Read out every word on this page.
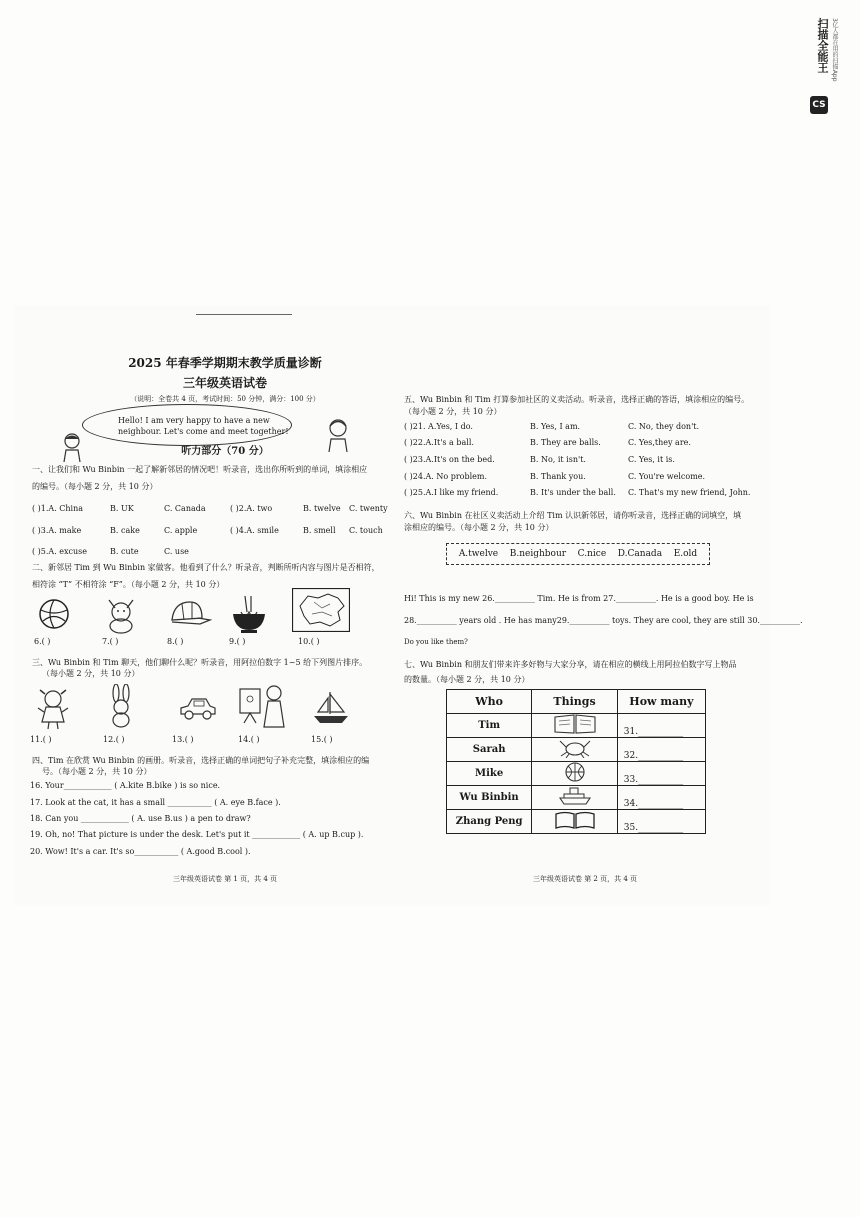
CS
扫描全能王 3亿人都在用的扫描App
2025 年春季学期期末教学质量诊断
三年级英语试卷
（说明：全卷共 4 页，考试时间：50 分钟，满分：100 分）
Hello! I am very happy to have a new
neighbour. Let's come and meet together!
听力部分（70 分）
一、让我们和 Wu Binbin 一起了解新邻居的情况吧！听录音，选出你所听到的单词，填涂相应
的编号。（每小题 2 分，共 10 分）
( )1.A. China	B. UK	C. Canada	( )2.A. two	B. twelve C. twenty
( )3.A. make	B. cake	C. apple	( )4.A. smile	B. smell C. touch
( )5.A. excuse	B. cute	C. use
二、新邻居 Tim 到 Wu Binbin 家做客。他看到了什么？听录音，判断所听内容与图片是否相符，
相符涂 “T” 不相符涂 “F”。（每小题 2 分，共 10 分）
6.( )	7.( )	8.( )	9.( )	10.( )
三、Wu Binbin 和 Tim 聊天，他们聊什么呢？听录音，用阿拉伯数字 1~5 给下列图片排序。
（每小题 2 分，共 10 分）
11.( )	12.( )	13.( )	14.( )	15.( )
四、Tim 在欣赏 Wu Binbin 的画册。听录音，选择正确的单词把句子补充完整，填涂相应的编
号。（每小题 2 分，共 10 分）
16. Your____________ ( A.kite B.bike ) is so nice.
17. Look at the cat, it has a small ___________ ( A. eye B.face ).
18. Can you ____________ ( A. use B.us ) a pen to draw?
19. Oh, no! That picture is under the desk. Let's put it ____________ ( A. up B.cup ).
20. Wow! It's a car. It's so___________ ( A.good B.cool ).
三年级英语试卷 第 1 页，共 4 页
五、Wu Binbin 和 Tim 打算参加社区的义卖活动。听录音，选择正确的答语，填涂相应的编号。
（每小题 2 分，共 10 分）
( )21. A.Yes, I do.	B. Yes, I am.	C. No, they don't.
( )22.A.It's a ball.	B. They are balls.	C. Yes,they are.
( )23.A.It's on the bed.	B. No, it isn't.	C. Yes, it is.
( )24.A. No problem.	B. Thank you.	C. You're welcome.
( )25.A.I like my friend.	B. It's under the ball. C. That's my new friend, John.
六、Wu Binbin 在社区义卖活动上介绍 Tim 认识新邻居，请你听录音，选择正确的词填空，填
涂相应的编号。（每小题 2 分，共 10 分）
A.twelve B.neighbour C.nice D.Canada E.old
Hi! This is my new 26.__________ Tim. He is from 27.__________. He is a good boy. He is
28.__________ years old . He has many29.__________ toys. They are cool, they are still 30.__________.
Do you like them?
七、Wu Binbin 和朋友们带来许多好物与大家分享，请在相应的横线上用阿拉伯数字写上物品
的数量。（每小题 2 分，共 10 分）
Who	Things	How many
Tim		31.__________
Sarah		32.__________
Mike		33.__________
Wu Binbin		34.__________
Zhang Peng		35.__________
三年级英语试卷 第 2 页，共 4 页
